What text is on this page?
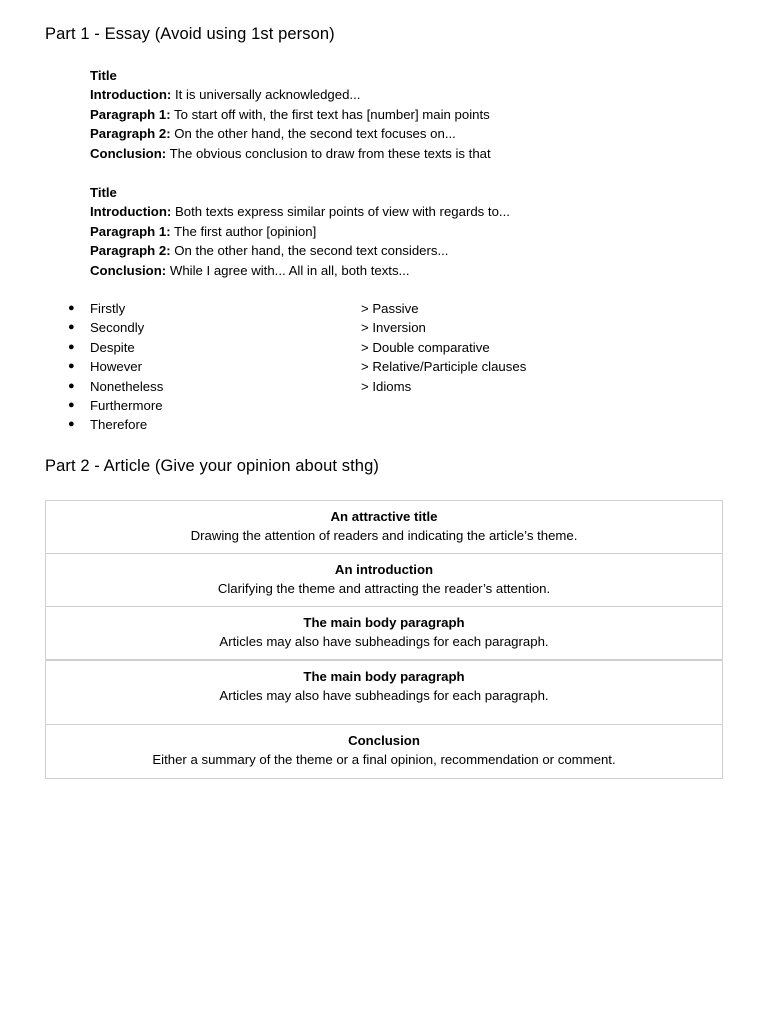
Part 1 - Essay (Avoid using 1st person)
Title
Introduction: It is universally acknowledged...
Paragraph 1: To start off with, the first text has [number] main points
Paragraph 2: On the other hand, the second text focuses on...
Conclusion: The obvious conclusion to draw from these texts is that
Title
Introduction: Both texts express similar points of view with regards to...
Paragraph 1: The first author [opinion]
Paragraph 2: On the other hand, the second text considers...
Conclusion: While I agree with... All in all, both texts...
● Firstly
● Secondly
● Despite
● However
● Nonetheless
● Furthermore
● Therefore
> Passive
> Inversion
> Double comparative
> Relative/Participle clauses
> Idioms
Part 2 - Article (Give your opinion about sthg)
An attractive title
Drawing the attention of readers and indicating the article’s theme.
An introduction
Clarifying the theme and attracting the reader’s attention.
The main body paragraph
Articles may also have subheadings for each paragraph.
The main body paragraph
Articles may also have subheadings for each paragraph.
Conclusion
Either a summary of the theme or a final opinion, recommendation or comment.
